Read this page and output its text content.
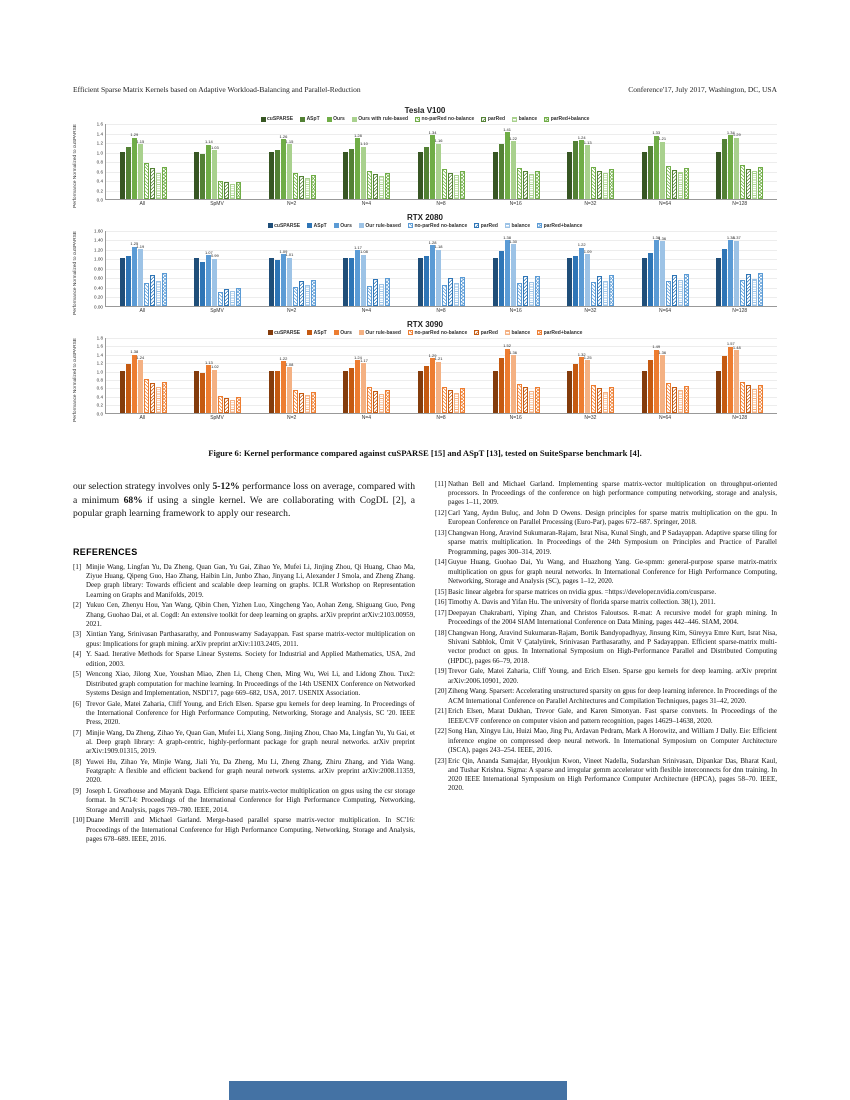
Efficient Sparse Matrix Kernels based on Adaptive Workload-Balancing and Parallel-Reduction	Conference'17, July 2017, Washington, DC, USA
Tesla V100
cuSPARSE	ASpT	Ours	Ours with rule-based	no-parRed no-balance	parRed	balance	parRed+balance
Performance Normalized to cuSPARSE	1.6
1.4
1.2
1.0
0.8
0.6
0.4
0.2
0.0
1.29
1.15	1.14
1.03
1.26
1.15
1.28
1.10
1.34
1.16
1.41
1.22	1.24
1.13
1.33
1.21
1.34
1.29
All	SpMV	N=2	N=4	N=8	N=16	N=32	N=64	N=128
RTX 2080
cuSPARSE	ASpT	Ours	Our rule-based	no-parRed no-balance	parRed	balance	parRed+balance
Performance Normalized to cuSPARSE	1.60
1.40
1.20
1.00
0.80
0.60
0.40
0.20
0.00
1.25
1.19
1.07
0.99
1.09
1.01
1.17
1.08
1.28
1.18
1.38
1.30
1.22
1.09
1.38
1.36	1.38
1.37
All	SpMV	N=2	N=4	N=8	N=16	N=32	N=64	N=128
RTX 3090
cuSPARSE	ASpT	Ours	Our rule-based	no-parRed no-balance	parRed	balance	parRed+balance
Performance Normalized to cuSPARSE	1.8
1.6
1.4
1.2
1.0
0.8
0.6
0.4
0.2
0.0
1.38
1.24
1.13
1.02
1.22
1.08
1.24
1.17
1.29
1.21
1.52
1.36	1.32
1.25
1.49
1.36
1.57
1.48
All	SpMV	N=2	N=4	N=8	N=16	N=32	N=64	N=128
Figure 6: Kernel performance compared against cuSPARSE [15] and ASpT [13], tested on SuiteSparse benchmark [4].

our selection strategy involves only 5-12% performance loss on average, compared with a minimum 68% if using a single kernel. We are collaborating with CogDL [2], a popular graph learning framework to apply our research.

REFERENCES
[1] Minjie Wang, Lingfan Yu, Da Zheng, Quan Gan, Yu Gai, Zihao Ye, Mufei Li, Jinjing Zhou, Qi Huang, Chao Ma, Ziyue Huang, Qipeng Guo, Hao Zhang, Haibin Lin, Junbo Zhao, Jinyang Li, Alexander J Smola, and Zheng Zhang. Deep graph library: Towards efficient and scalable deep learning on graphs. ICLR Workshop on Representation Learning on Graphs and Manifolds, 2019.
[2] Yukuo Cen, Zhenyu Hou, Yan Wang, Qibin Chen, Yizhen Luo, Xingcheng Yao, Aohan Zeng, Shiguang Guo, Peng Zhang, Guohao Dai, et al. Cogdl: An extensive toolkit for deep learning on graphs. arXiv preprint arXiv:2103.00959, 2021.
[3] Xintian Yang, Srinivasan Parthasarathy, and Ponnuswamy Sadayappan. Fast sparse matrix-vector multiplication on gpus: Implications for graph mining. arXiv preprint arXiv:1103.2405, 2011.
[4] Y. Saad. Iterative Methods for Sparse Linear Systems. Society for Industrial and Applied Mathematics, USA, 2nd edition, 2003.
[5] Wencong Xiao, Jilong Xue, Youshan Miao, Zhen Li, Cheng Chen, Ming Wu, Wei Li, and Lidong Zhou. Tux2: Distributed graph computation for machine learning. In Proceedings of the 14th USENIX Conference on Networked Systems Design and Implementation, NSDI'17, page 669–682, USA, 2017. USENIX Association.
[6] Trevor Gale, Matei Zaharia, Cliff Young, and Erich Elsen. Sparse gpu kernels for deep learning. In Proceedings of the International Conference for High Performance Computing, Networking, Storage and Analysis, SC '20. IEEE Press, 2020.
[7] Minjie Wang, Da Zheng, Zihao Ye, Quan Gan, Mufei Li, Xiang Song, Jinjing Zhou, Chao Ma, Lingfan Yu, Yu Gai, et al. Deep graph library: A graph-centric, highly-performant package for graph neural networks. arXiv preprint arXiv:1909.01315, 2019.
[8] Yuwei Hu, Zihao Ye, Minjie Wang, Jiali Yu, Da Zheng, Mu Li, Zheng Zhang, Zhiru Zhang, and Yida Wang. Featgraph: A flexible and efficient backend for graph neural network systems. arXiv preprint arXiv:2008.11359, 2020.
[9] Joseph L Greathouse and Mayank Daga. Efficient sparse matrix-vector multiplication on gpus using the csr storage format. In SC'14: Proceedings of the International Conference for High Performance Computing, Networking, Storage and Analysis, pages 769–780. IEEE, 2014.
[10] Duane Merrill and Michael Garland. Merge-based parallel sparse matrix-vector multiplication. In SC'16: Proceedings of the International Conference for High Performance Computing, Networking, Storage and Analysis, pages 678–689. IEEE, 2016.
[11] Nathan Bell and Michael Garland. Implementing sparse matrix-vector multiplication on throughput-oriented processors. In Proceedings of the conference on high performance computing networking, storage and analysis, pages 1–11, 2009.
[12] Carl Yang, Aydın Buluç, and John D Owens. Design principles for sparse matrix multiplication on the gpu. In European Conference on Parallel Processing (Euro-Par), pages 672–687. Springer, 2018.
[13] Changwan Hong, Aravind Sukumaran-Rajam, Israt Nisa, Kunal Singh, and P Sadayappan. Adaptive sparse tiling for sparse matrix multiplication. In Proceedings of the 24th Symposium on Principles and Practice of Parallel Programming, pages 300–314, 2019.
[14] Guyue Huang, Guohao Dai, Yu Wang, and Huazhong Yang. Ge-spmm: general-purpose sparse matrix-matrix multiplication on gpus for graph neural networks. In International Conference for High Performance Computing, Networking, Storage and Analysis (SC), pages 1–12, 2020.
[15] Basic linear algebra for sparse matrices on nvidia gpus. =https://developer.nvidia.com/cusparse.
[16] Timothy A. Davis and Yifan Hu. The university of florida sparse matrix collection. 38(1), 2011.
[17] Deepayan Chakrabarti, Yiping Zhan, and Christos Faloutsos. R-mat: A recursive model for graph mining. In Proceedings of the 2004 SIAM International Conference on Data Mining, pages 442–446. SIAM, 2004.
[18] Changwan Hong, Aravind Sukumaran-Rajam, Bortik Bandyopadhyay, Jinsung Kim, Süreyya Emre Kurt, Israt Nisa, Shivani Sabhlok, Ümit V Çatalyürek, Srinivasan Parthasarathy, and P Sadayappan. Efficient sparse-matrix multi-vector product on gpus. In International Symposium on High-Performance Parallel and Distributed Computing (HPDC), pages 66–79, 2018.
[19] Trevor Gale, Matei Zaharia, Cliff Young, and Erich Elsen. Sparse gpu kernels for deep learning. arXiv preprint arXiv:2006.10901, 2020.
[20] Ziheng Wang. Sparsert: Accelerating unstructured sparsity on gpus for deep learning inference. In Proceedings of the ACM International Conference on Parallel Architectures and Compilation Techniques, pages 31–42, 2020.
[21] Erich Elsen, Marat Dukhan, Trevor Gale, and Karen Simonyan. Fast sparse convnets. In Proceedings of the IEEE/CVF conference on computer vision and pattern recognition, pages 14629–14638, 2020.
[22] Song Han, Xingyu Liu, Huizi Mao, Jing Pu, Ardavan Pedram, Mark A Horowitz, and William J Dally. Eie: Efficient inference engine on compressed deep neural network. In International Symposium on Computer Architecture (ISCA), pages 243–254. IEEE, 2016.
[23] Eric Qin, Ananda Samajdar, Hyoukjun Kwon, Vineet Nadella, Sudarshan Srinivasan, Dipankar Das, Bharat Kaul, and Tushar Krishna. Sigma: A sparse and irregular gemm accelerator with flexible interconnects for dnn training. In 2020 IEEE International Symposium on High Performance Computer Architecture (HPCA), pages 58–70. IEEE, 2020.
